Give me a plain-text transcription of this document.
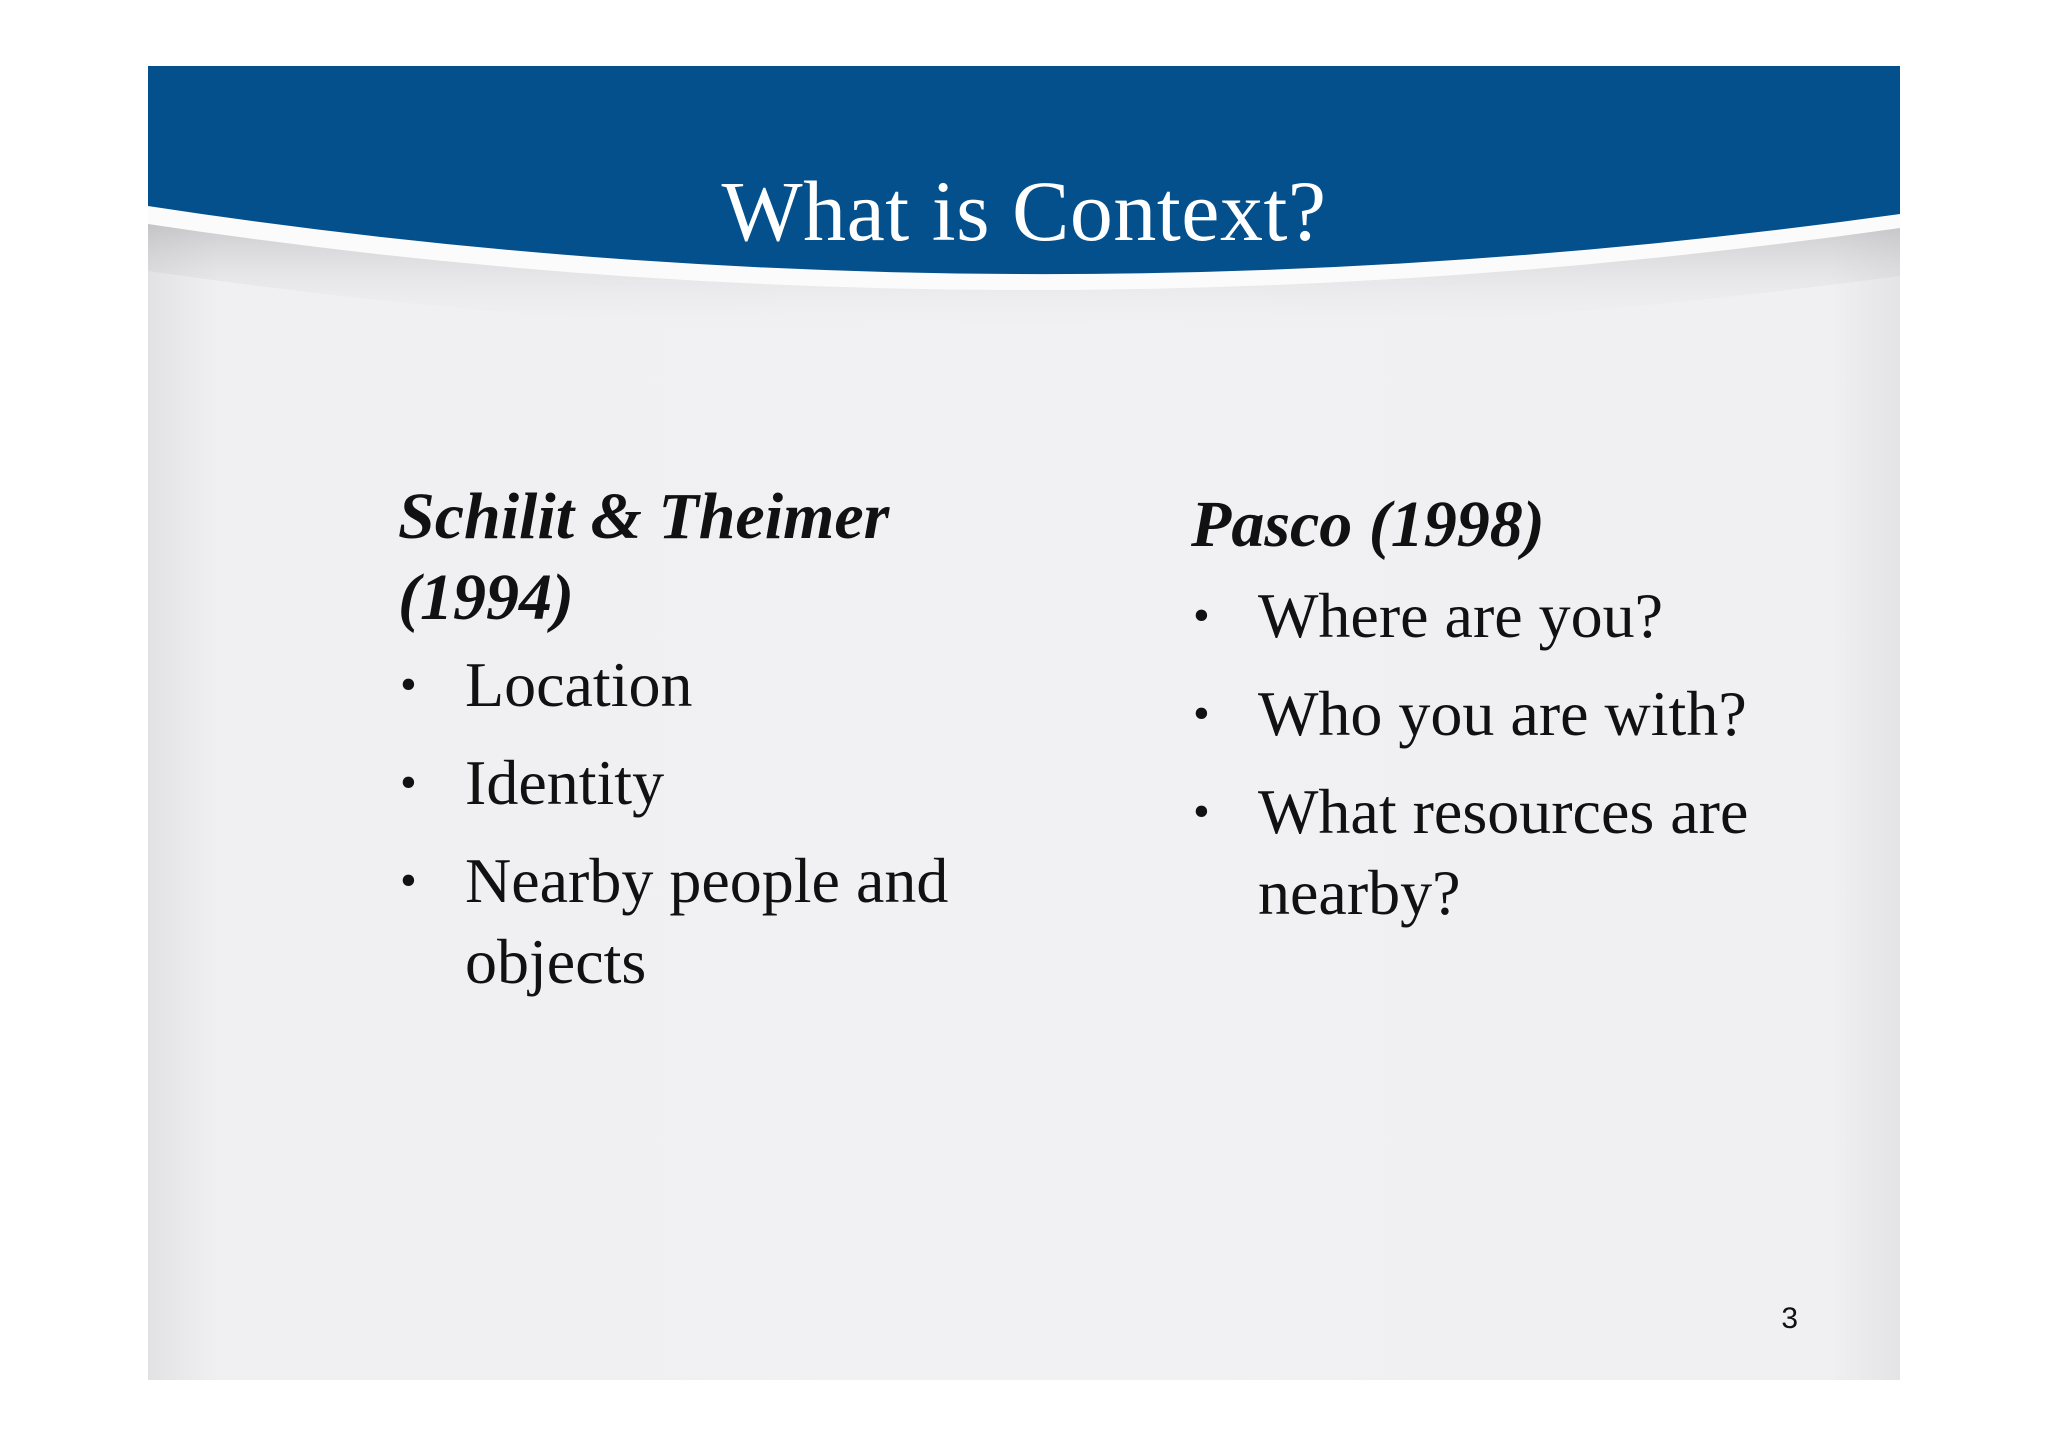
What is Context?
Schilit & Theimer (1994)
• Location
• Identity
• Nearby people and objects
Pasco (1998)
• Where are you?
• Who you are with?
• What resources are nearby?
3
